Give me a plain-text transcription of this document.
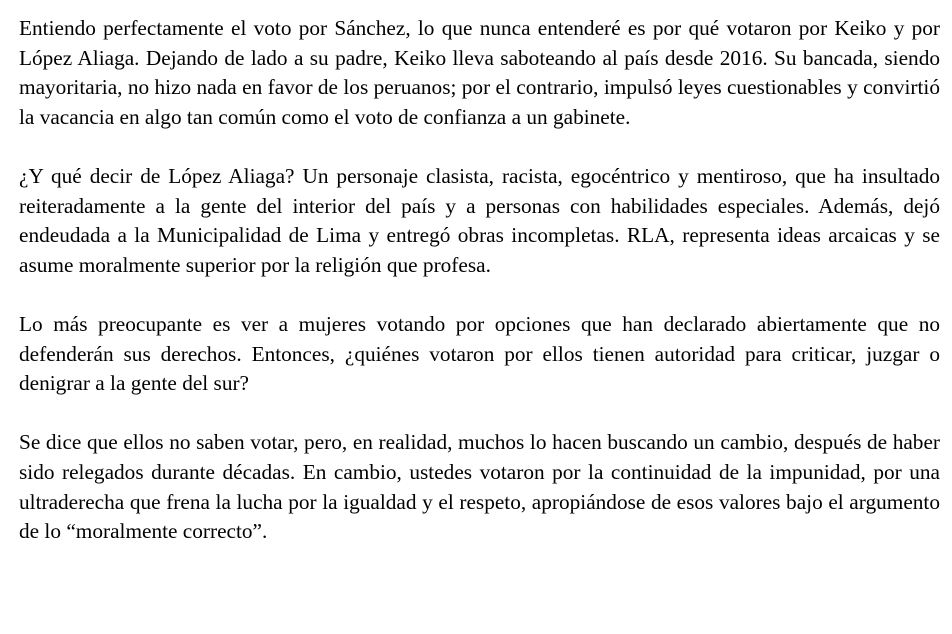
Entiendo perfectamente el voto por Sánchez, lo que nunca entenderé es por qué votaron por Keiko y por López Aliaga. Dejando de lado a su padre, Keiko lleva saboteando al país desde 2016. Su bancada, siendo mayoritaria, no hizo nada en favor de los peruanos; por el contrario, impulsó leyes cuestionables y convirtió la vacancia en algo tan común como el voto de confianza a un gabinete.

¿Y qué decir de López Aliaga? Un personaje clasista, racista, egocéntrico y mentiroso, que ha insultado reiteradamente a la gente del interior del país y a personas con habilidades especiales. Además, dejó endeudada a la Municipalidad de Lima y entregó obras incompletas. RLA, representa ideas arcaicas y se asume moralmente superior por la religión que profesa.

Lo más preocupante es ver a mujeres votando por opciones que han declarado abiertamente que no defenderán sus derechos. Entonces, ¿quiénes votaron por ellos tienen autoridad para criticar, juzgar o denigrar a la gente del sur?

Se dice que ellos no saben votar, pero, en realidad, muchos lo hacen buscando un cambio, después de haber sido relegados durante décadas. En cambio, ustedes votaron por la continuidad de la impunidad, por una ultraderecha que frena la lucha por la igualdad y el respeto, apropiándose de esos valores bajo el argumento de lo “moralmente correcto”.
